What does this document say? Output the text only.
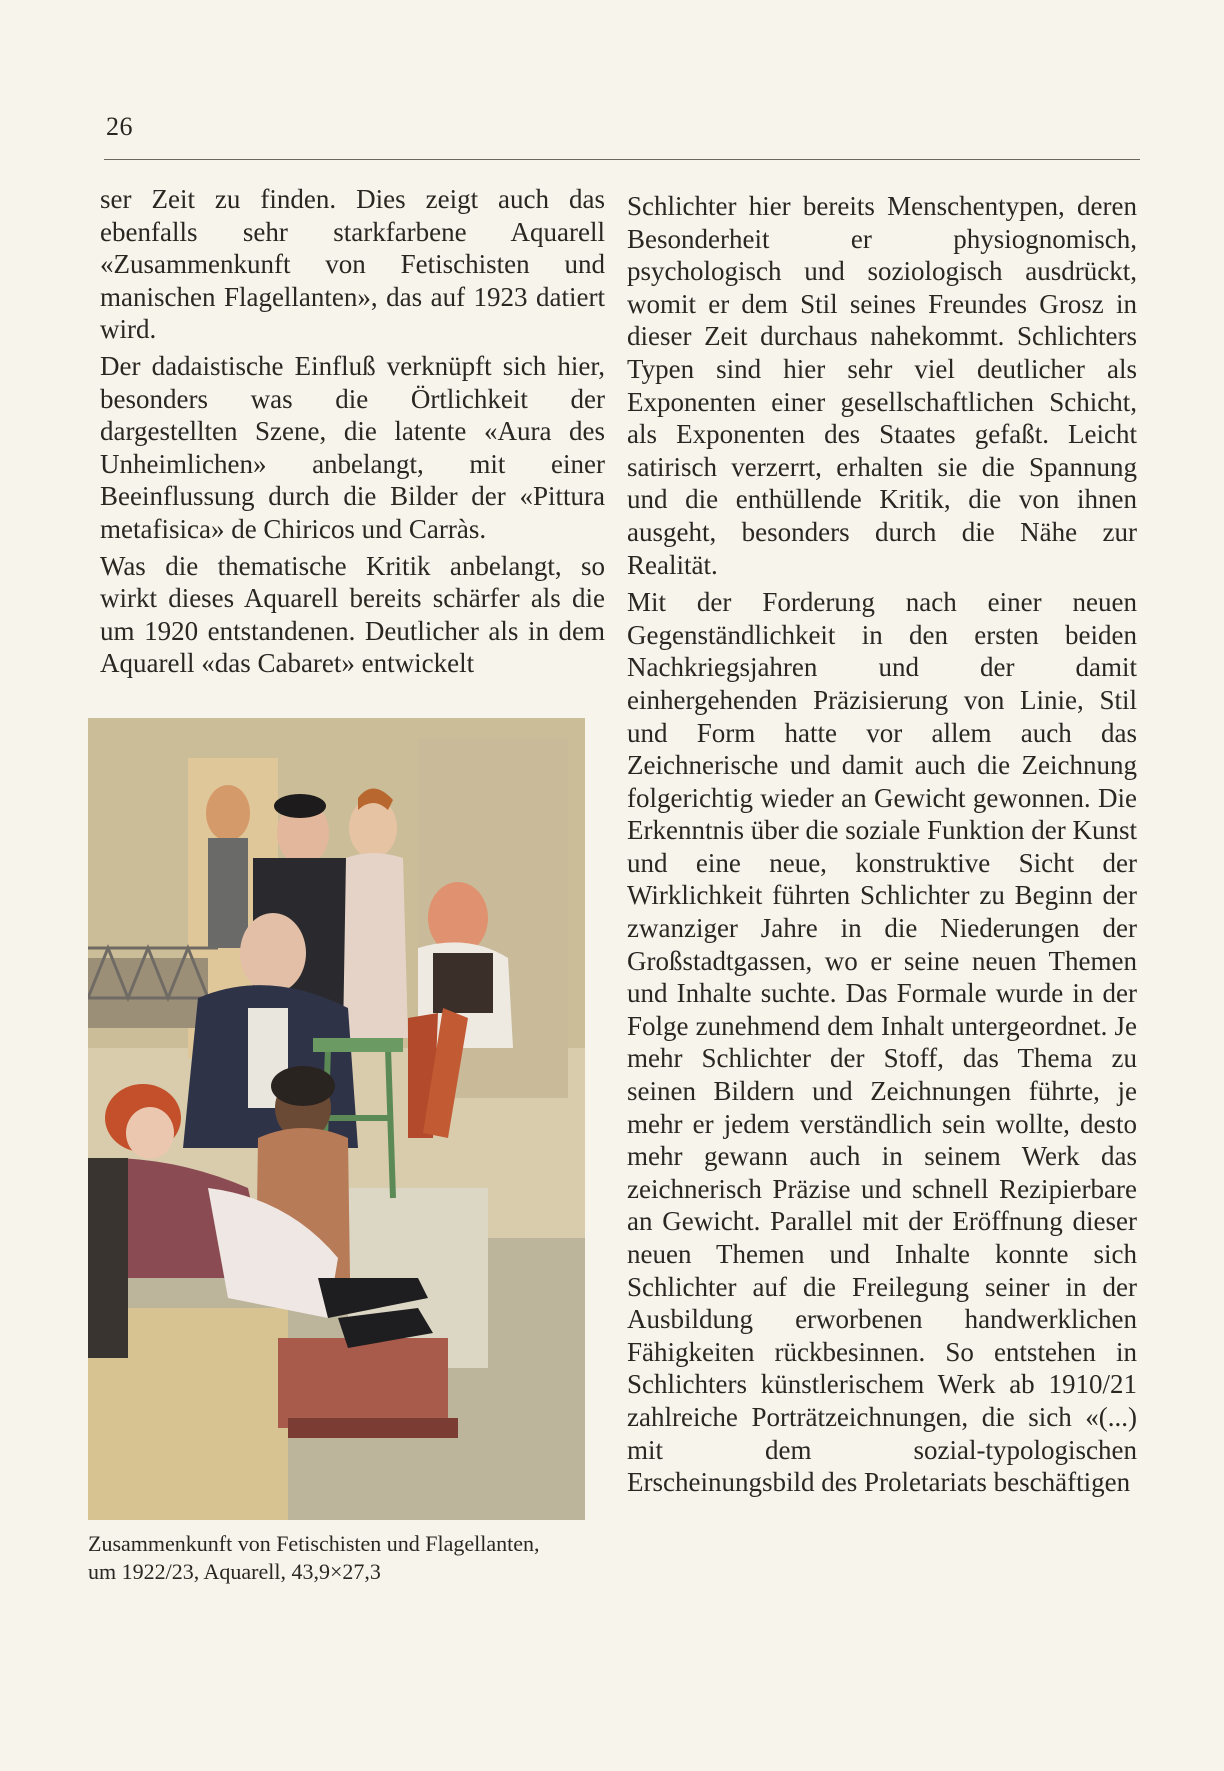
26

ser Zeit zu finden. Dies zeigt auch das ebenfalls sehr starkfarbene Aquarell «Zusammenkunft von Fetischisten und manischen Flagellanten», das auf 1923 datiert wird.

Der dadaistische Einfluß verknüpft sich hier, besonders was die Örtlichkeit der dargestellten Szene, die latente «Aura des Unheimlichen» anbelangt, mit einer Beeinflussung durch die Bilder der «Pittura metafisica» de Chiricos und Carràs.

Was die thematische Kritik anbelangt, so wirkt dieses Aquarell bereits schärfer als die um 1920 entstandenen. Deutlicher als in dem Aquarell «das Cabaret» entwickelt

Schlichter hier bereits Menschentypen, deren Besonderheit er physiognomisch, psychologisch und soziologisch ausdrückt, womit er dem Stil seines Freundes Grosz in dieser Zeit durchaus nahekommt. Schlichters Typen sind hier sehr viel deutlicher als Exponenten einer gesellschaftlichen Schicht, als Exponenten des Staates gefaßt. Leicht satirisch verzerrt, erhalten sie die Spannung und die enthüllende Kritik, die von ihnen ausgeht, besonders durch die Nähe zur Realität.

Mit der Forderung nach einer neuen Gegenständlichkeit in den ersten beiden Nachkriegsjahren und der damit einhergehenden Präzisierung von Linie, Stil und Form hatte vor allem auch das Zeichnerische und damit auch die Zeichnung folgerichtig wieder an Gewicht gewonnen. Die Erkenntnis über die soziale Funktion der Kunst und eine neue, konstruktive Sicht der Wirklichkeit führten Schlichter zu Beginn der zwanziger Jahre in die Niederungen der Großstadtgassen, wo er seine neuen Themen und Inhalte suchte. Das Formale wurde in der Folge zunehmend dem Inhalt untergeordnet. Je mehr Schlichter der Stoff, das Thema zu seinen Bildern und Zeichnungen führte, je mehr er jedem verständlich sein wollte, desto mehr gewann auch in seinem Werk das zeichnerisch Präzise und schnell Rezipierbare an Gewicht. Parallel mit der Eröffnung dieser neuen Themen und Inhalte konnte sich Schlichter auf die Freilegung seiner in der Ausbildung erworbenen handwerklichen Fähigkeiten rückbesinnen. So entstehen in Schlichters künstlerischem Werk ab 1910/21 zahlreiche Porträtzeichnungen, die sich «(...) mit dem sozial-typologischen Erscheinungsbild des Proletariats beschäftigen

Zusammenkunft von Fetischisten und Flagellanten,
um 1922/23, Aquarell, 43,9×27,3
